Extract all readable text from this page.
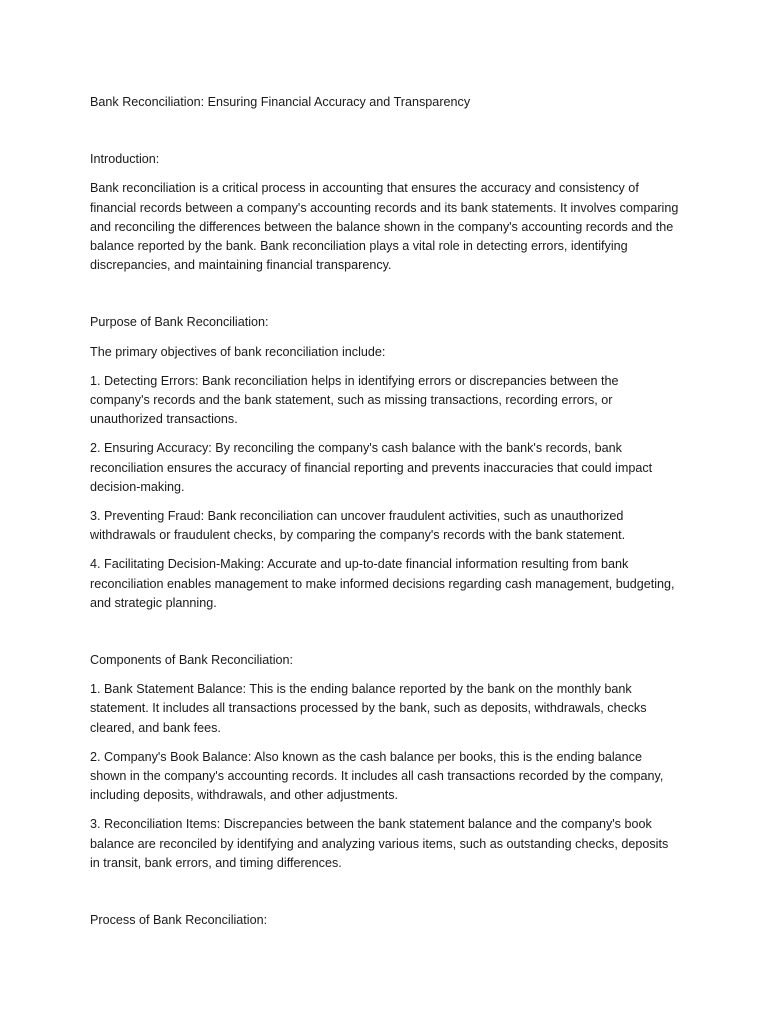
Bank Reconciliation: Ensuring Financial Accuracy and Transparency

Introduction:

Bank reconciliation is a critical process in accounting that ensures the accuracy and consistency of financial records between a company's accounting records and its bank statements. It involves comparing and reconciling the differences between the balance shown in the company's accounting records and the balance reported by the bank. Bank reconciliation plays a vital role in detecting errors, identifying discrepancies, and maintaining financial transparency.

Purpose of Bank Reconciliation:

The primary objectives of bank reconciliation include:

1. Detecting Errors: Bank reconciliation helps in identifying errors or discrepancies between the company's records and the bank statement, such as missing transactions, recording errors, or unauthorized transactions.

2. Ensuring Accuracy: By reconciling the company's cash balance with the bank's records, bank reconciliation ensures the accuracy of financial reporting and prevents inaccuracies that could impact decision-making.

3. Preventing Fraud: Bank reconciliation can uncover fraudulent activities, such as unauthorized withdrawals or fraudulent checks, by comparing the company's records with the bank statement.

4. Facilitating Decision-Making: Accurate and up-to-date financial information resulting from bank reconciliation enables management to make informed decisions regarding cash management, budgeting, and strategic planning.

Components of Bank Reconciliation:

1. Bank Statement Balance: This is the ending balance reported by the bank on the monthly bank statement. It includes all transactions processed by the bank, such as deposits, withdrawals, checks cleared, and bank fees.

2. Company's Book Balance: Also known as the cash balance per books, this is the ending balance shown in the company's accounting records. It includes all cash transactions recorded by the company, including deposits, withdrawals, and other adjustments.

3. Reconciliation Items: Discrepancies between the bank statement balance and the company's book balance are reconciled by identifying and analyzing various items, such as outstanding checks, deposits in transit, bank errors, and timing differences.

Process of Bank Reconciliation:
